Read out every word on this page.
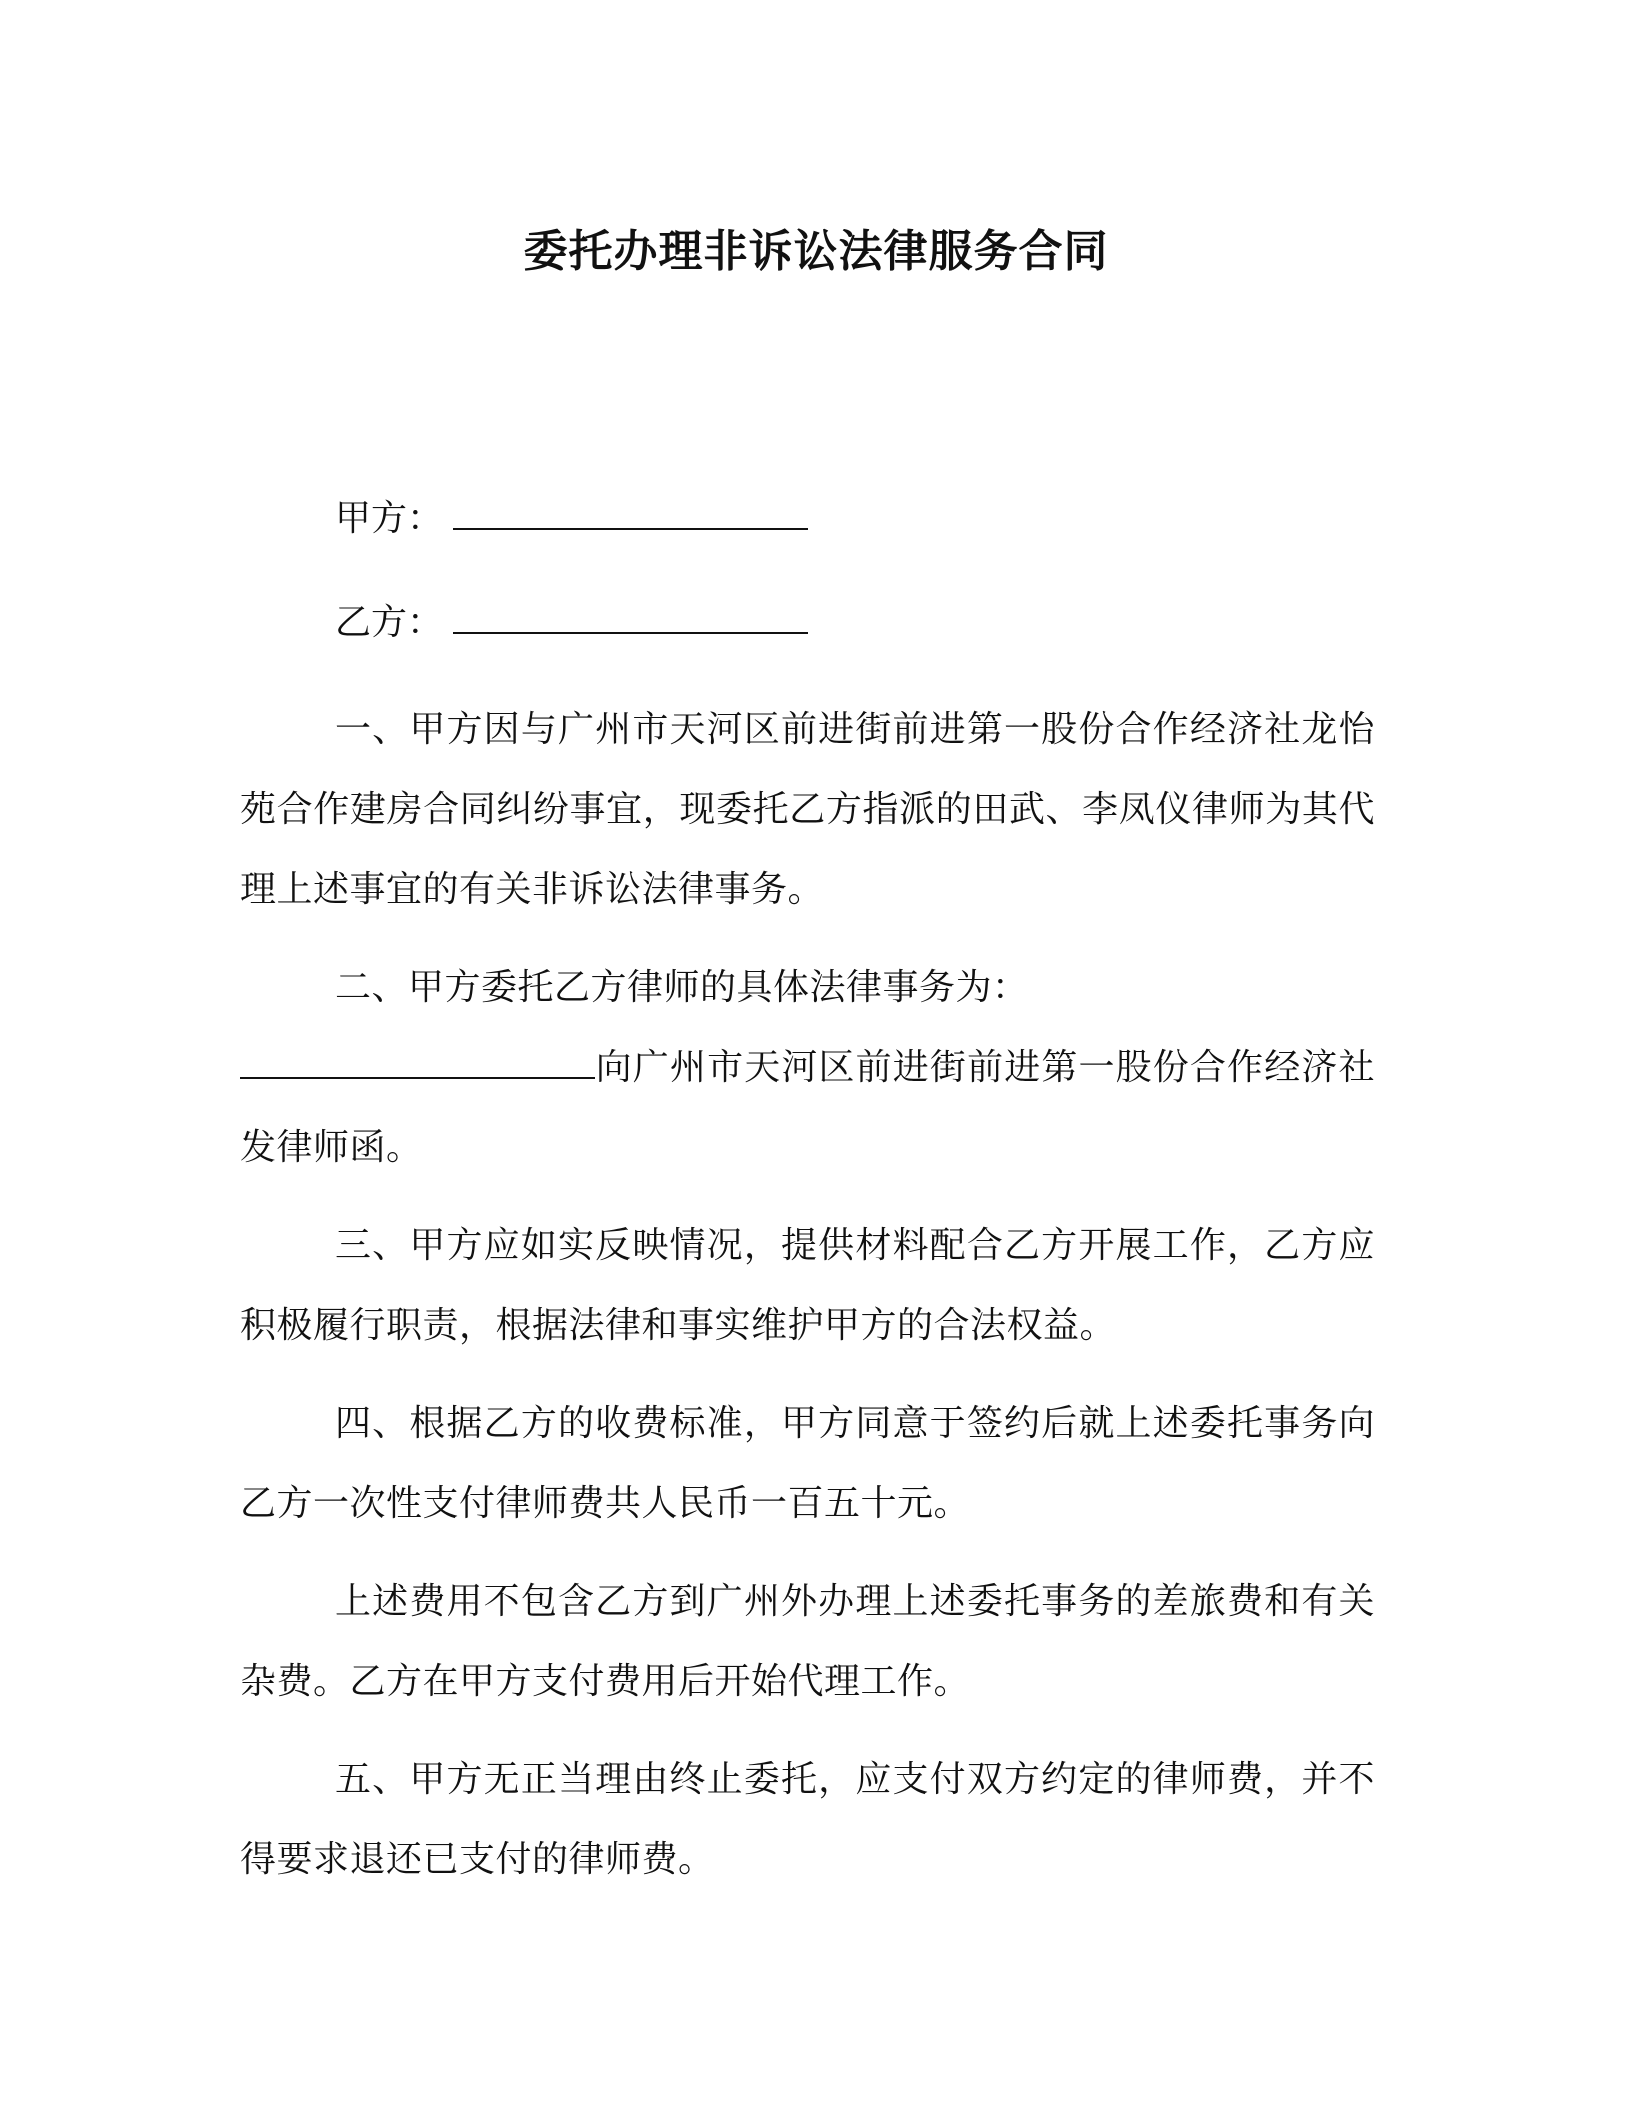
委托办理非诉讼法律服务合同
甲方：
乙方：
一、甲方因与广州市天河区前进街前进第一股份合作经济社龙怡苑合作建房合同纠纷事宜，现委托乙方指派的田武、李凤仪律师为其代理上述事宜的有关非诉讼法律事务。
二、甲方委托乙方律师的具体法律事务为：
向广州市天河区前进街前进第一股份合作经济社发律师函。
三、甲方应如实反映情况，提供材料配合乙方开展工作，乙方应积极履行职责，根据法律和事实维护甲方的合法权益。
四、根据乙方的收费标准，甲方同意于签约后就上述委托事务向乙方一次性支付律师费共人民币一百五十元。
上述费用不包含乙方到广州外办理上述委托事务的差旅费和有关杂费。乙方在甲方支付费用后开始代理工作。
五、甲方无正当理由终止委托，应支付双方约定的律师费，并不得要求退还已支付的律师费。
